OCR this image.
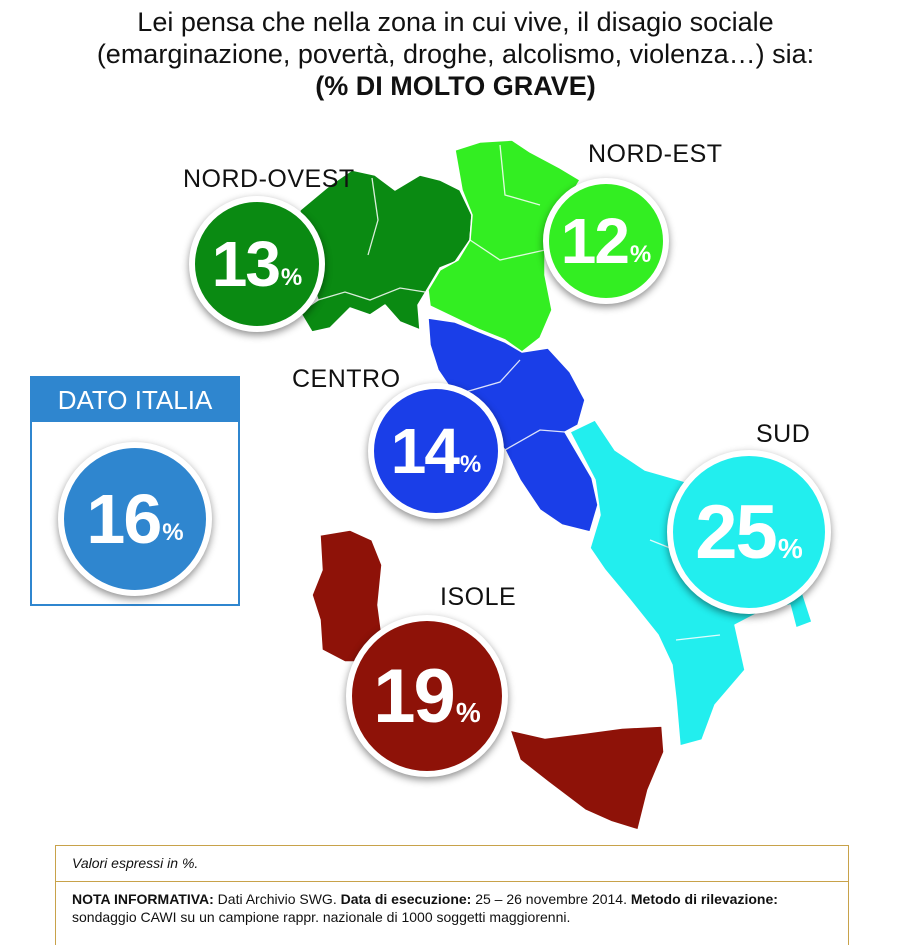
Lei pensa che nella zona in cui vive, il disagio sociale
(emarginazione, povertà, droghe, alcolismo, violenza…) sia:
(% DI MOLTO GRAVE)
NORD-OVEST
NORD-EST
CENTRO
SUD
ISOLE
13 %
12 %
14 %
25 %
19 %
DATO ITALIA
16 %
Valori espressi in %.
NOTA INFORMATIVA: Dati Archivio SWG. Data di esecuzione: 25 – 26 novembre 2014. Metodo di rilevazione: sondaggio CAWI su un campione rappr. nazionale di 1000 soggetti maggiorenni.
